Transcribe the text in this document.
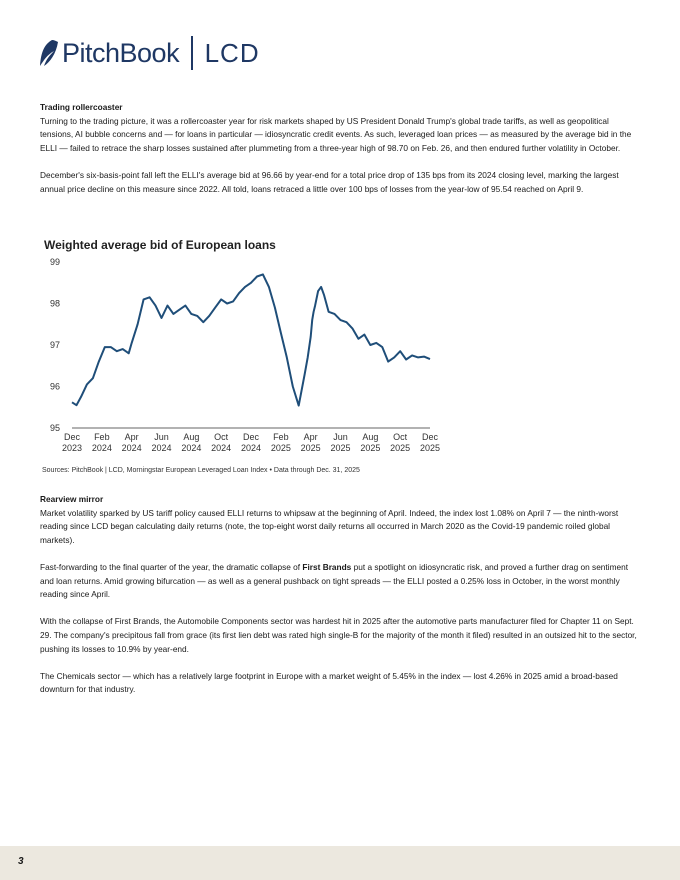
PitchBook LCD

Trading rollercoaster

Turning to the trading picture, it was a rollercoaster year for risk markets shaped by US President Donald Trump's global trade tariffs, as well as geopolitical tensions, AI bubble concerns and — for loans in particular — idiosyncratic credit events. As such, leveraged loan prices — as measured by the average bid in the ELLI — failed to retrace the sharp losses sustained after plummeting from a three-year high of 98.70 on Feb. 26, and then endured further volatility in October.

December's six-basis-point fall left the ELLI's average bid at 96.66 by year-end for a total price drop of 135 bps from its 2024 closing level, marking the largest annual price decline on this measure since 2022. All told, loans retraced a little over 100 bps of losses from the year-low of 95.54 reached on April 9.

Weighted average bid of European loans
95
96
97
98
99
Dec
2023
Feb
2024
Apr
2024
Jun
2024
Aug
2024
Oct
2024
Dec
2024
Feb
2025
Apr
2025
Jun
2025
Aug
2025
Oct
2025
Dec
2025
Sources: PitchBook | LCD, Morningstar European Leveraged Loan Index • Data through Dec. 31, 2025

Rearview mirror

Market volatility sparked by US tariff policy caused ELLI returns to whipsaw at the beginning of April. Indeed, the index lost 1.08% on April 7 — the ninth-worst reading since LCD began calculating daily returns (note, the top-eight worst daily returns all occurred in March 2020 as the Covid-19 pandemic roiled global markets).

Fast-forwarding to the final quarter of the year, the dramatic collapse of First Brands put a spotlight on idiosyncratic risk, and proved a further drag on sentiment and loan returns. Amid growing bifurcation — as well as a general pushback on tight spreads — the ELLI posted a 0.25% loss in October, in the worst monthly reading since April.

With the collapse of First Brands, the Automobile Components sector was hardest hit in 2025 after the automotive parts manufacturer filed for Chapter 11 on Sept. 29. The company's precipitous fall from grace (its first lien debt was rated high single-B for the majority of the month it filed) resulted in an outsized hit to the sector, pushing its losses to 10.9% by year-end.

The Chemicals sector — which has a relatively large footprint in Europe with a market weight of 5.45% in the index — lost 4.26% in 2025 amid a broad-based downturn for that industry.

3
